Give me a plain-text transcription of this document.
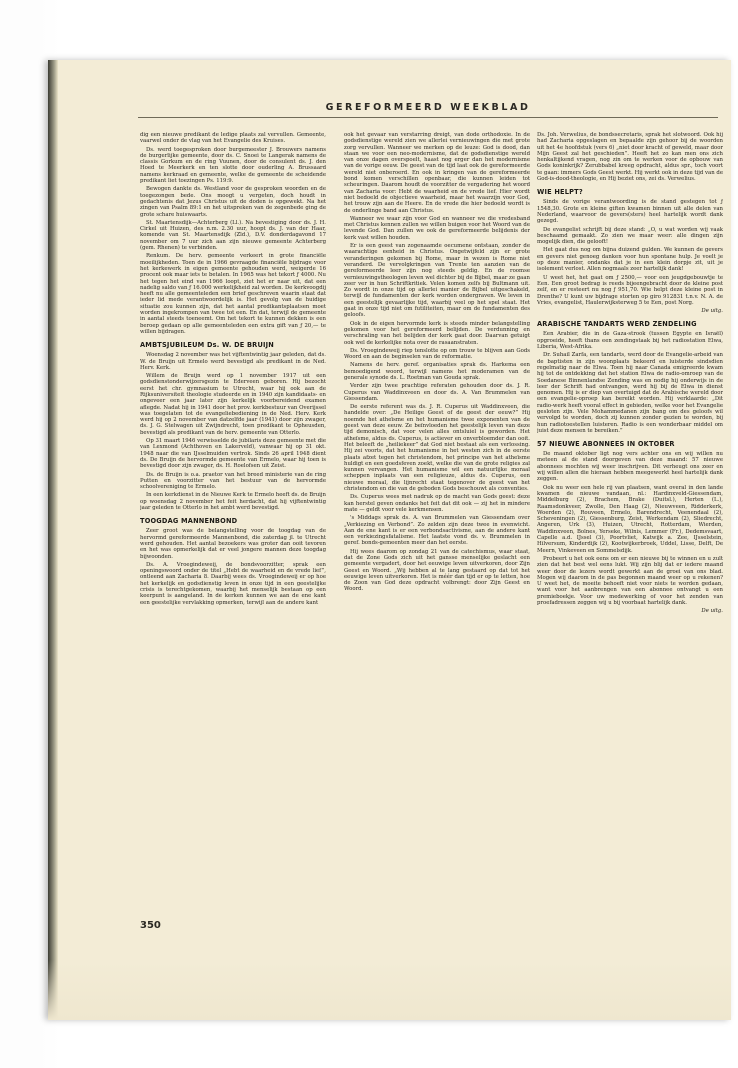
GEREFORMEERD WEEKBLAD

dig een nieuwe predikant de ledige plaats zal vervullen. Gemeente, vaarwel onder de vlag van het Evangelie des Kruises.

Ds. werd toegesproken door burgemeester J. Brouwers namens de burgerlijke gemeente, door ds. C. Snoei te Langerak namens de classis Gorkum en de ring Vuunen, door de consulent ds. J. den Hoed te Meerkerk en ten slotte door ouderling A. Brussaard namens kerkraad en gemeente, welke de gemeente de scheidende predikant liet toezingen Ps. 119:9.

Bewogen dankte ds. Westland voor de gesproken woorden en de toegezongen bede. Ons moogt u vergeten, doch houdt in gedachtenis dat Jezus Christus uit de doden is opgewekt. Na het zingen van Psalm 89:1 en het uitspreken van de zegenbede ging de grote schare huiswaarts.

St. Maartensdijk—Achterberg (Ll.). Na bevestiging door ds. J. H. Cirkel uit Huizen, des n.m. 2.30 uur, hoopt ds. J. van der Haar, komende van St. Maartensdijk (Zld.), D.V. donderdagavond 17 november om 7 uur zich aan zijn nieuwe gemeente Achterberg (gem. Rhenen) te verbinden.

Renkum. De herv. gemeente verkeert in grote financiële moeilijkheden. Toen de in 1966 gevraagde financiële bijdrage voor het kerkewerk in eigen gemeente gehouden werd, weigerde 16 procent ook maar iets te betalen. In 1965 was het tekort ƒ 4000. Nu het tegen het eind van 1966 loopt, ziet het er naar uit, dat een nadelig saldo van ƒ 16.000 werkelijkheid zal worden. De kerkvoogdij heeft nu alle gemeenteleden een brief geschreven waarin staat dat ieder lid mede verantwoordelijk is. Het gevolg van de huidige situatie zou kunnen zijn, dat het aantal predikantsplaatsen moet worden ingekrompen van twee tot een. En dat, terwijl de gemeente in aantal steeds toeneemt. Om het tekort te kunnen dekken is een beroep gedaan op alle gemeenteleden een extra gift van ƒ 20,— te willen bijdragen.

AMBTSJUBILEUM Ds. W. DE BRUIJN

Woensdag 2 november was het vijftentwintig jaar geleden, dat ds. W. de Bruijn uit Ermelo werd bevestigd als predikant in de Ned. Herv. Kerk.

Willem de Bruijn werd op 1 november 1917 uit een godsdienstonderwijzersgezin te Ederveen geboren. Hij bezocht eerst het chr. gymnasium te Utrecht, waar hij ook aan de Rijksuniversiteit theologie studeerde en in 1940 zijn kandidaats- en ongeveer een jaar later zijn kerkelijk voorbereidend examen aflegde. Nadat hij in 1941 door het prov. kerkbestuur van Overijssel was toegelaten tot de evangeliebediening in de Ned. Herv. Kerk werd hij op 2 november van datzelfde jaar (1941) door zijn zwager, ds. J. G. Stelwagen uit Zwijndrecht, toen predikant te Opheusden, bevestigd als predikant van de herv. gemeente van Otterlo.

Op 31 maart 1946 verwisselde de jubilaris deze gemeente met die van Lexmond (Achthoven en Lakerveld), vanwaar hij op 31 okt. 1948 naar die van IJsselmuiden vertrok. Sinds 26 april 1948 dient ds. De Bruijn de hervormde gemeente van Ermelo, waar hij toen is bevestigd door zijn zwager, ds. H. Roelofsen uit Zeist.

Ds. de Bruijn is o.a. praetor van het breed ministerie van de ring Putten en voorzitter van het bestuur van de hervormde schoolvereniging te Ermelo.

In een kerkdienst in de Nieuwe Kerk te Ermelo heeft ds. de Bruijn op woensdag 2 november het feit herdacht, dat hij vijftentwintig jaar geleden te Otterlo in het ambt werd bevestigd.

TOOGDAG MANNENBOND

Zeer groot was de belangstelling voor de toogdag van de hervormd gereformeerde Mannenbond, die zaterdag jl. te Utrecht werd gehouden. Het aantal bezoekers was groter dan ooit tevoren en het was opmerkelijk dat er veel jongere mannen deze toogdag bijwoonden.

Ds. A. Vroegindeweij, de bondsvoorzitter, sprak een openingswoord onder de titel „Hebt de waarheid en de vrede lief”, ontleend aan Zacharia 8. Daarbij wees ds. Vroegindeweij er op hoe het kerkelijk en godsdienstig leven in onze tijd in een geestelijke crisis is terechtgekomen, waarbij het menselijk bestaan op een keerpunt is aangeland. In de kerken kunnen we aan de ene kant een geestelijke vervlakking opmerken, terwijl aan de andere kant

ook het gevaar van verstarring dreigt, van dode orthodoxie. In de godsdienstige wereld zien we allerlei vernieuwingen die met grote zorg vervullen. Wanneer we merken op de leuze: God is dood, dan staan we voor een neo-modernisme, dat de godsdienstige wereld van onze dagen overspoelt, haast nog erger dan het modernisme van de vorige eeuw. De geest van de tijd laat ook de gereformeerde wereld niet onberoerd. En ook in kringen van de gereformeerde bond komen verschillen openbaar, die kunnen leiden tot scheuringen. Daarom houdt de voorzitter de vergadering het woord van Zacharia voor: Hebt de waarheid en de vrede lief. Hier wordt niet bedoeld de objectieve waarheid, maar het waarzijn voor God, het trouw zijn aan de Heere. En de vrede die hier bedoeld wordt is de onderlinge band aan Christus.

Wanneer we waar zijn voor God en wanneer we die vredesband met Christus kennen zullen we willen buigen voor het Woord van de levende God. Dan zullen we ook de gereformeerde belijdenis der kerk vast willen houden.

Er is een geest van zogenaamde oecumene ontstaan, zonder de waarachtige eenheid in Christus. Ongetwijfeld zijn er grote veranderingen gekomen bij Rome, maar in wezen is Rome niet veranderd. De vervolgkringen van Trente ten aanzien van de gereformeerde leer zijn nog steeds geldig. En de roomse vernieuwingstheologen leven wel dichter bij de Bijbel, maar ze gaan zeer ver in hun Schriftkritiek. Velen komen zelfs bij Bultmann uit. Zo wordt in onze tijd op allerlei manier de Bijbel uitgeschakeld, terwijl de fundamenten der kerk worden ondergraven. We leven in een geestelijk gevaarlijke tijd, waarbij veel op het spel staat. Het gaat in onze tijd niet om futiliteiten, maar om de fundamenten des geloofs.

Ook in de eigen hervormde kerk is steeds minder belangstelling gekomen voor het gereformeerd belijden. De verdunning en verschraling van het belijden der kerk gaat door. Daarvan getuigt ook wel de kerkelijke nota over de rasaanstraten.

Ds. Vroegindeweij riep tenslotte op om trouw te blijven aan Gods Woord en aan de beginselen van de reformatie.

Namens de herv. geref. organisaties sprak ds. Harkema een bemoedigend woord, terwijl namens het moderamen van de generale synode ds. L. Roetman van Gouda sprak.

Verder zijn twee prachtige referaten gehouden door ds. J. R. Cuperus van Waddinxveen en door ds. A. Van Brummelen van Giessendam.

De eerste referent was ds. J. R. Cuperus uit Waddinxveen, die handelde over: „De Heilige Geest of de geest der eeuw?” Hij noemde het atheïsme en het humanisme twee exponenten van de geest van deze eeuw. Ze beïnvloeden het geestelijk leven van deze tijd demonisch, dat voor velen alles ontsluiel is geworden. Het atheïsme, aldus ds. Cuperus, is actiever en onverbloemder dan ooit. Het beleeft de „heiliekeer” dat God niet bestaat als een verlossing. Hij zei voorts, dat het humanisme in het westen zich in de eerste plaats afzet tegen het christendom, het principe van het atheïsme huldigt en een goedsfeven zoekt, welke die van de grote religies zal kunnen vervangen. Het humanisme wil een natuurlijke moraal scheppen inplaats van een religieuze, aldus ds. Cuperus, een nieuwe moraal, die lijnrecht staat tegenover de geest van het christendom en die van de geboden Gods beschouwt als conventies.

Ds. Cuperus wees met nadruk op de macht van Gods geest: deze kan herstel geven ondanks het feit dat dit ook — zij het in mindere mate — geldt voor vele kerkmensen.

's Middags sprak ds. A. van Brummelen van Giessendam over „Verkiezing en Verbond”. Zo zelden zijn deze twee in evenwicht. Aan de ene kant is er een verbondsactivisme, aan de andere kant een verkiezingsfatalisme. Het laatste vond ds. v. Brummelen in geref. bonds-gemeenten meer dan het eerste.

Hij wees daarom op zondag 21 van de catechismus, waar staat, dat de Zone Gods zich uit het gansse menselijke geslacht een gemeente vergadert, door het eeuwige leven uitverkoren, door Zijn Geest en Woord. „Wij hebben al te lang gestaard op dat tot het eeuwige leven uitverkoren. Het is méér dan tijd er op te letten, hoe de Zoon van God deze opdracht volbrengt: door Zijn Geest en Woord.

Ds. Joh. Verwelius, de bondssecretaris, sprak het slotwoord. Ook hij had Zacharia opgeslagen en bepaalde zijn gehoor bij de woorden uit het 4e hoofdstuk (vers 6) „niet door kracht of geweld, maar door Mijn Geest zal het geschieden”. Heeft het zo kan men ons zich henkaltijkend vragen, nog zin om te werken voor de opbouw van Gods koninkrijk? Zerubbabel kreeg opdracht, aldus spr., toch voort te gaan: immers Gods Geest werkt. Hij werkt ook in deze tijd van de God-is-dood-theologie, en Hij beziet ons, zei ds. Verwelius.

WIE HELPT?

Sinds de vorige verantwoording is de stand gestegen tot ƒ 1548,30. Grote en kleine giften kwamen binnen uit alle delen van Nederland, waarvoor de gevers(sters) heel hartelijk wordt dank gezegd.

De evangelist schrijft bij deze stand: „O, u wat worden wij vaak beschaamd gemaakt. Zo zien we maar weer: alle dingen zijn mogelijk dien, die gelooft!

Het gaat dus nog om bijna duizend gulden. We kunnen de gevers en gevers niet genoeg danken voor hun spontane hulp. Je voelt je op deze manier, ondanks dat je in een klein dorpje zit, uit je isolement verlost. Allen nogmaals zeer hartelijk dank!

U weet het, het gaat om ƒ 2500,— voor een jeugdgebouwtje te Een. Een groot bedrag is reeds bijeengebracht door de kleine post zelf, en er resteert nu nog ƒ 951,70. Wie helpt deze kleine post in Drenthe? U kunt uw bijdrage storten op giro 912831 t.n.v. N. A. de Vries, evangelist, Haulerwijksterweg 5 te Een, post Norg.

De uitg.

ARABISCHE TANDARTS WERD ZENDELING

Een Arabier, die in de Gaza-strook (tussen Egypte en Israël) opgroeide, heeft thans een zendingstaak bij het radiostation Elwa, Liberia, West-Afrika.

Dr. Suhail Zarfa, een tandarts, werd door de Evangelie-arbeid van de baptisten in zijn woonplaats bekeerd en luisterde sindsdien regelmatig naar de Elwa. Toen hij naar Canada emigreerde kwam hij tot de ontdekking dat het station Elwa de radio-omroep van de Soedanese Binnenlandse Zending was en nodig hij onderwijs in de leer der Schrift had ontvangen, werd hij bij de Elwa in dienst genomen. Hij is er diep van overtuigd dat de Arabische wereld door een evangelie-oproep kan bereikt worden. Hij verklaarde: „Dit radio-werk heeft vooral effect in gebieden, welke voor het Evangelie gesloten zijn. Vele Mohammedanen zijn bang om des geloofs wil vervolgd te worden, doch zij kunnen zonder gezien te worden, bij hun radiotoestellen luisteren. Radio is een wonderbaar middel om juist deze mensen te bereiken.”

57 NIEUWE ABONNEES IN OKTOBER

De maand oktober ligt nog vers achter ons en wij willen nu meteen al de stand doorgeven van deze maand: 57 nieuwe abonnees mochten wij weer inschrijven. Dit verheugt ons zeer en wij willen allen die hieraan hebben meegewerkt heel hartelijk dank zeggen.

Ook nu weer een hele rij van plaatsen, want overal in den lande kwamen de nieuwe vandaan, nl.: Hardinxveld-Giessendam, Middelburg (2), Brachem, Brake (Duitsl.), Herten (L.), Raamsdonkveer, Zwolle, Den Haag (2), Nieuwveen, Ridderkerk, Woerden (2), Rouveen, Ermelo, Barendrecht, Veenendaal (2), Scheveningen (2), Giessenburg, Zeist, Werkendam (2), Sliedrecht, Angeren, Urk (3), Huizen, Utrecht, Rotterdam, Wierden, Waddinxveen, Bolnes, Yerseke, Wilnis, Lemmer (Fr.), Dedemsvaart, Capelle a.d. IJssel (3), Poortvliet, Katwijk a. Zee, IJsselstein, Hilversum, Kinderdijk (2), Kootwijkerbroek, Uddel, Lisse, Delft, De Meern, Vinkeveen en Sommelsdijk.

Probeert u het ook eens om er een nieuwe bij te winnen en u zult zien dat het best wel eens lukt. Wij zijn blij dat er iedere maand weer door de lezers wordt gewerkt aan de groei van ons blad. Mogen wij daarom in de pas begonnen maand weer op u rekenen? U weet het, de moeite behoeft niet voor niets te worden gedaan, want voor het aanbrengen van een abonnee ontvangt u een premieboekje. Voor uw medewerking of voor het zenden van proefadressen zeggen wij u bij voorbaat hartelijk dank.

De uitg.

350
